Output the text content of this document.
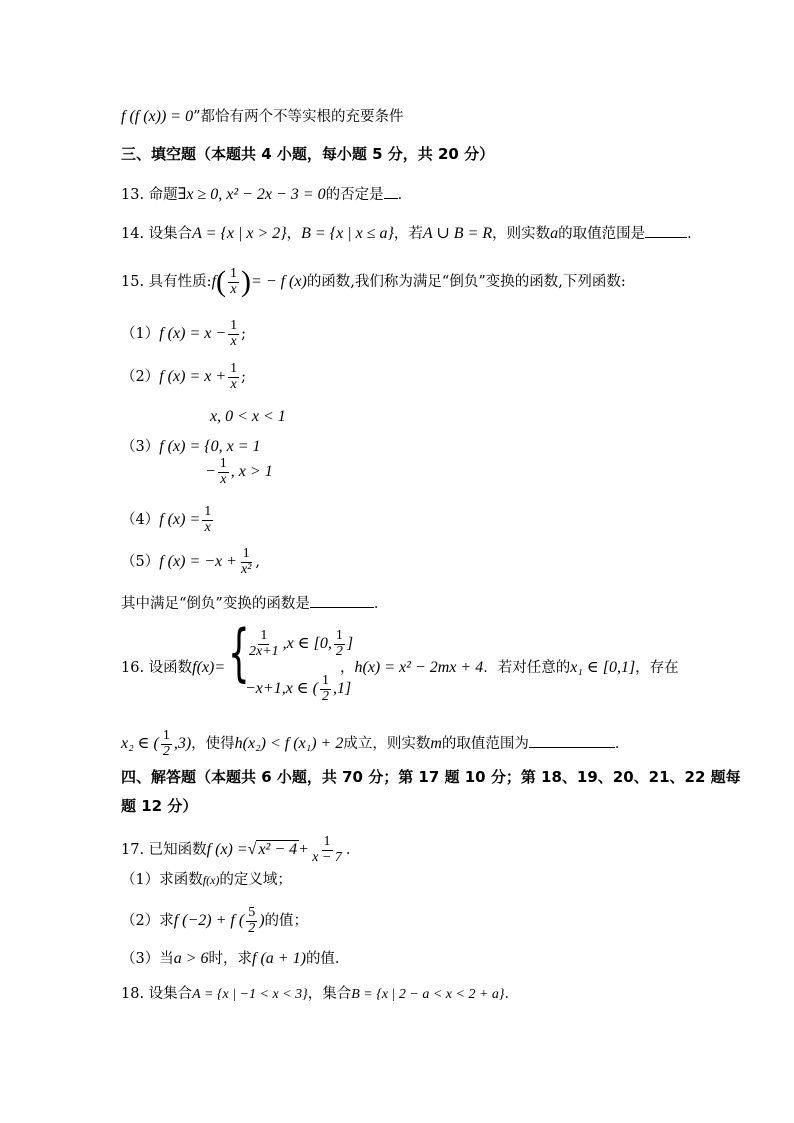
f (f (x)) = 0”都恰有两个不等实根的充要条件
三、填空题（本题共 4 小题，每小题 5 分，共 20 分）
13. 命题∃x ≥ 0, x² − 2x − 3 = 0的否定是 ．
14. 设集合A = {x | x > 2}，B = {x | x ≤ a}，若A ∪ B = R，则实数a的取值范围是	．
15. 具有性质:f( $\frac{1}{x}$ )= − f (x)的函数,我们称为满足“倒负”变换的函数,下列函数:
（1）f $(x) = x - \frac{1}{x}$ ;
（2）f $(x) = x + \frac{1}{x}$ ;
x, 0 < x < 1
（3）f (x) = {0, x = 1
− $\frac{1}{x}$ , x > 1
（4）f $(x) = \frac{1}{x}$
（5）f $(x) = -x + \frac{1}{\text{x²}}$ ,
其中满足“倒负”变换的函数是	．
16. 设函数f(x)= {
$\frac{1}{2x+1} ,x$ ∈ [0, $\frac{1}{2}$ ]
−x+1,x ∈ ( $\frac{1}{2} ,1$]
，h(x) = x² − 2mx + 4．若对任意的x₁ ∈ [0,1]，存在
x₂ ∈ ( $\frac{1}{2} ,3$)，使得h(x₂) < f (x₁) + 2成立，则实数m的取值范围为	．
四、解答题（本题共 6 小题，共 70 分；第 17 题 10 分；第 18、19、20、21、22 题每
题 12 分）
17. 已知函数f (x) =√ $x^2 - 4 + \frac{1}{x - 7}$ ．
（1）求函数f(x)的定义域；
（2）求f (−2) + f ( $\frac{5}{2}$ )的值；
（3）当a > 6时，求f (a + 1)的值．
18. 设集合A = {x | −1 < x < 3}，集合B = {x | 2 − a < x < 2 + a}．
